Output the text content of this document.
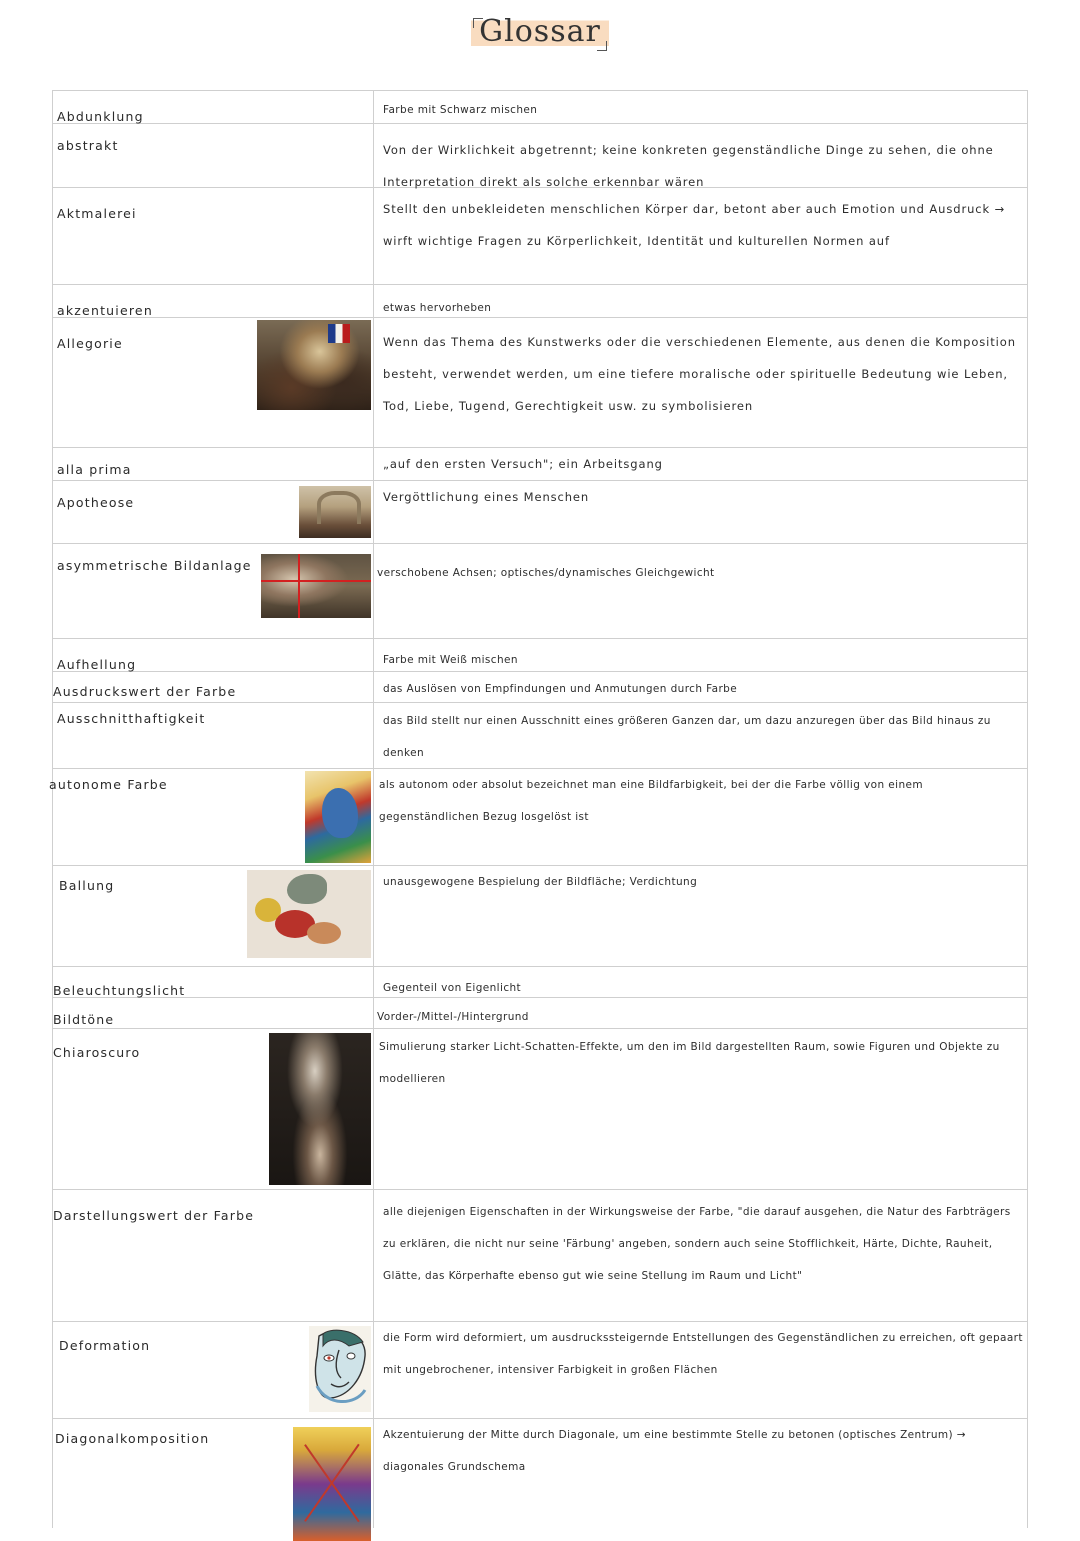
Glossar
Abdunklung	Farbe mit Schwarz mischen
abstrakt	Von der Wirklichkeit abgetrennt; keine konkreten gegenständliche Dinge zu sehen, die ohne Interpretation direkt als solche erkennbar wären
Aktmalerei	Stellt den unbekleideten menschlichen Körper dar, betont aber auch Emotion und Ausdruck → wirft wichtige Fragen zu Körperlichkeit, Identität und kulturellen Normen auf
akzentuieren	etwas hervorheben
Allegorie	Wenn das Thema des Kunstwerks oder die verschiedenen Elemente, aus denen die Komposition besteht, verwendet werden, um eine tiefere moralische oder spirituelle Bedeutung wie Leben, Tod, Liebe, Tugend, Gerechtigkeit usw. zu symbolisieren
alla prima	„auf den ersten Versuch"; ein Arbeitsgang
Apotheose	Vergöttlichung eines Menschen
asymmetrische Bildanlage	verschobene Achsen; optisches/dynamisches Gleichgewicht
Aufhellung	Farbe mit Weiß mischen
Ausdruckswert der Farbe	das Auslösen von Empfindungen und Anmutungen durch Farbe
Ausschnitthaftigkeit	das Bild stellt nur einen Ausschnitt eines größeren Ganzen dar, um dazu anzuregen über das Bild hinaus zu denken
autonome Farbe	als autonom oder absolut bezeichnet man eine Bildfarbigkeit, bei der die Farbe völlig von einem gegenständlichen Bezug losgelöst ist
Ballung	unausgewogene Bespielung der Bildfläche; Verdichtung
Beleuchtungslicht	Gegenteil von Eigenlicht
Bildtöne	Vorder-/Mittel-/Hintergrund
Chiaroscuro	Simulierung starker Licht-Schatten-Effekte, um den im Bild dargestellten Raum, sowie Figuren und Objekte zu modellieren
Darstellungswert der Farbe	alle diejenigen Eigenschaften in der Wirkungsweise der Farbe, "die darauf ausgehen, die Natur des Farbträgers zu erklären, die nicht nur seine 'Färbung' angeben, sondern auch seine Stofflichkeit, Härte, Dichte, Rauheit, Glätte, das Körperhafte ebenso gut wie seine Stellung im Raum und Licht"
Deformation	die Form wird deformiert, um ausdruckssteigernde Entstellungen des Gegenständlichen zu erreichen, oft gepaart mit ungebrochener, intensiver Farbigkeit in großen Flächen
Diagonalkomposition	Akzentuierung der Mitte durch Diagonale, um eine bestimmte Stelle zu betonen (optisches Zentrum) → diagonales Grundschema
